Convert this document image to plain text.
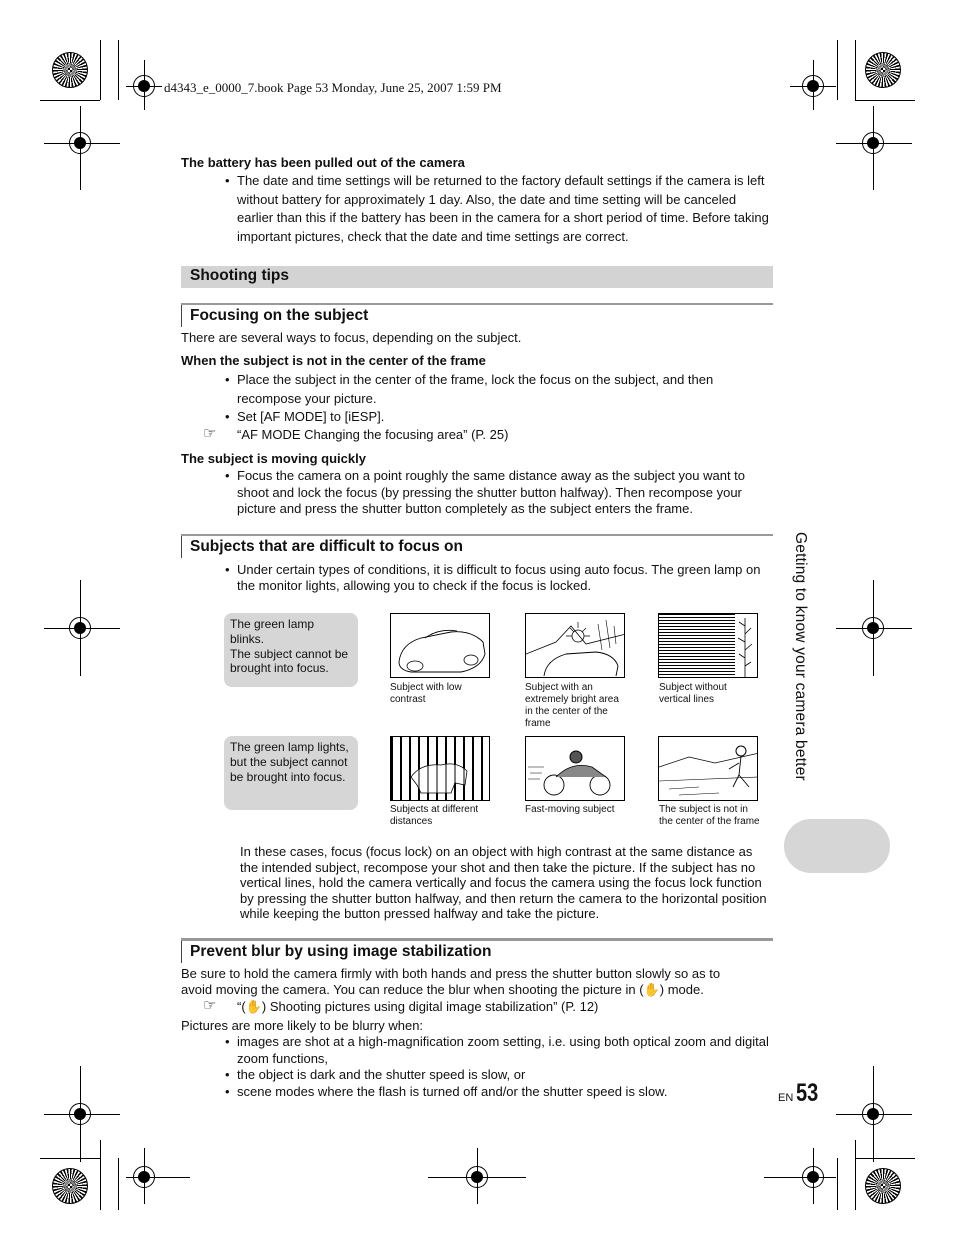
d4343_e_0000_7.book Page 53 Monday, June 25, 2007 1:59 PM
The battery has been pulled out of the camera
• The date and time settings will be returned to the factory default settings if the camera is left
without battery for approximately 1 day. Also, the date and time setting will be canceled
earlier than this if the battery has been in the camera for a short period of time. Before taking
important pictures, check that the date and time settings are correct.
Shooting tips
Focusing on the subject
There are several ways to focus, depending on the subject.
When the subject is not in the center of the frame
• Place the subject in the center of the frame, lock the focus on the subject, and then
recompose your picture.
• Set [AF MODE] to [iESP].
☞ “AF MODE Changing the focusing area” (P. 25)
The subject is moving quickly
• Focus the camera on a point roughly the same distance away as the subject you want to
shoot and lock the focus (by pressing the shutter button halfway). Then recompose your
picture and press the shutter button completely as the subject enters the frame.
Subjects that are difficult to focus on
• Under certain types of conditions, it is difficult to focus using auto focus. The green lamp on
the monitor lights, allowing you to check if the focus is locked.
The green lamp
blinks.
The subject cannot be
brought into focus.
The green lamp lights,
but the subject cannot
be brought into focus.
Subject with low
contrast
Subject with an
extremely bright area
in the center of the
frame
Subject without
vertical lines
Subjects at different
distances
Fast-moving subject	The subject is not in
the center of the frame
In these cases, focus (focus lock) on an object with high contrast at the same distance as
the intended subject, recompose your shot and then take the picture. If the subject has no
vertical lines, hold the camera vertically and focus the camera using the focus lock function
by pressing the shutter button halfway, and then return the camera to the horizontal position
while keeping the button pressed halfway and take the picture.
Prevent blur by using image stabilization
Be sure to hold the camera firmly with both hands and press the shutter button slowly so as to
avoid moving the camera. You can reduce the blur when shooting the picture in (✋) mode.
☞ “(✋) Shooting pictures using digital image stabilization” (P. 12)
Pictures are more likely to be blurry when:
• images are shot at a high-magnification zoom setting, i.e. using both optical zoom and digital
zoom functions,
• the object is dark and the shutter speed is slow, or
• scene modes where the flash is turned off and/or the shutter speed is slow.
Getting to know your camera better
EN 53
